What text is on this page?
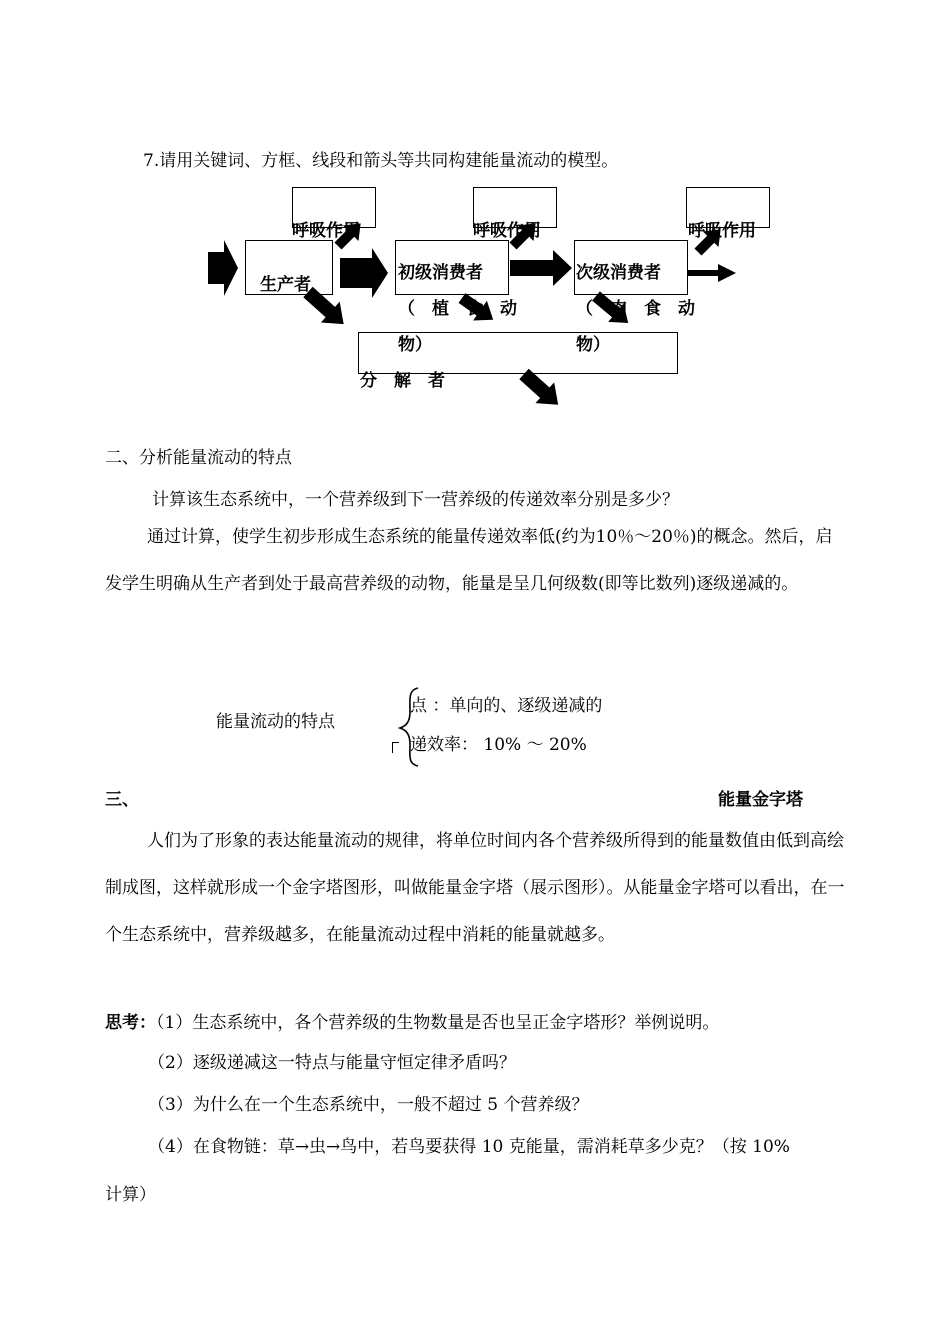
7.请用关键词、方框、线段和箭头等共同构建能量流动的模型。
呼吸作用	呼吸作用	呼吸作用
生产者
初级消费者
（　植　食　动
物）
次级消费者
（　肉　食　动
物）
分　解　者
二、分析能量流动的特点
计算该生态系统中，一个营养级到下一营养级的传递效率分别是多少？
通过计算，使学生初步形成生态系统的能量传递效率低(约为10％～20％)的概念。然后，启发学生明确从生产者到处于最高营养级的动物，能量是呈几何级数(即等比数列)逐级递减的。
能量流动的特点
点 ：单向的、逐级递减的
递效率： 10% ～ 20%
三、	能量金字塔
人们为了形象的表达能量流动的规律，将单位时间内各个营养级所得到的能量数值由低到高绘制成图，这样就形成一个金字塔图形，叫做能量金字塔（展示图形）。从能量金字塔可以看出，在一个生态系统中，营养级越多，在能量流动过程中消耗的能量就越多。
思考：（1）生态系统中，各个营养级的生物数量是否也呈正金字塔形？举例说明。
（2）逐级递减这一特点与能量守恒定律矛盾吗？
（3）为什么在一个生态系统中，一般不超过 5 个营养级？
（4）在食物链：草→虫→鸟中，若鸟要获得 10 克能量，需消耗草多少克？（按 10%
计算）
